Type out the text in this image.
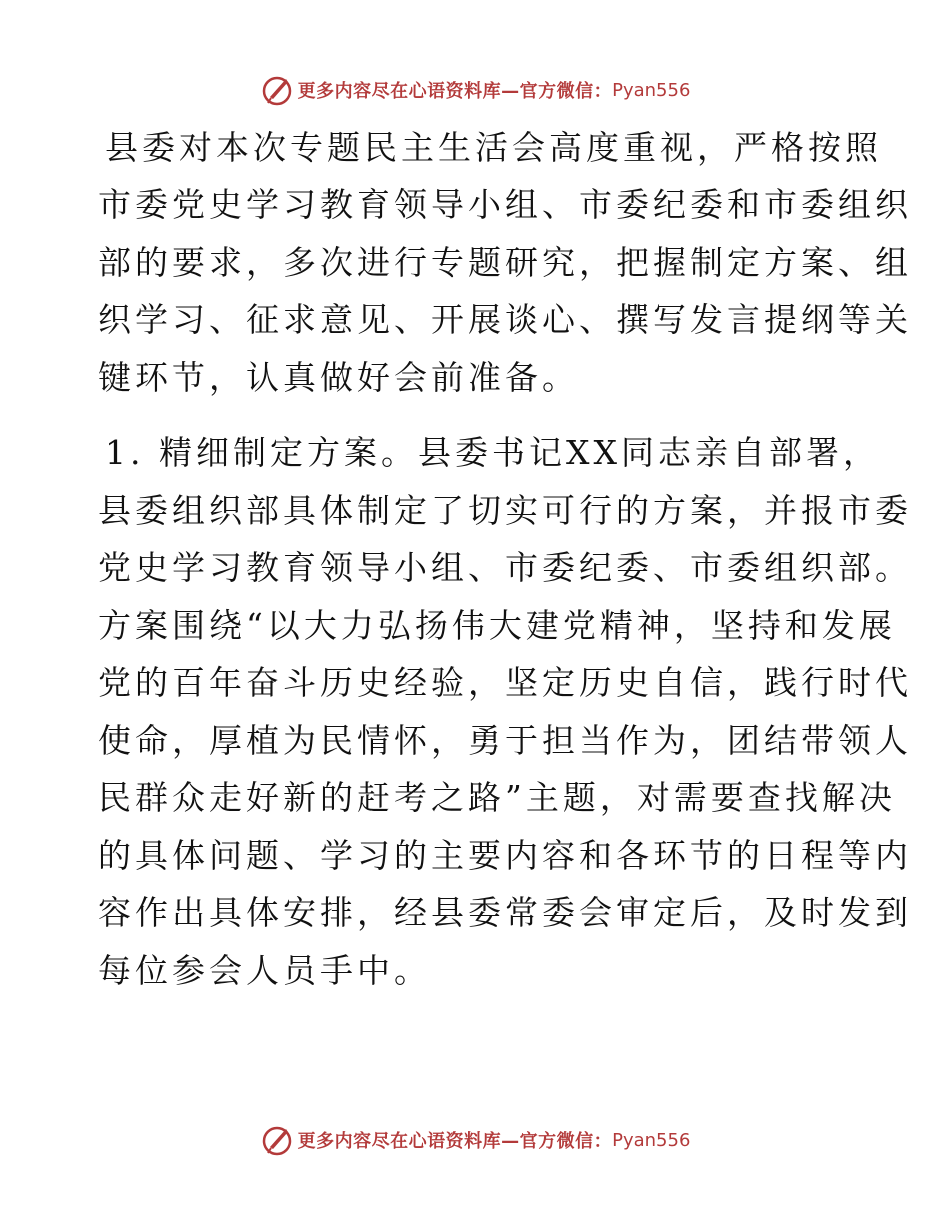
更多内容尽在心语资料库—官方微信： Pyan556
县委对本次专题民主生活会高度重视，严格按照
市委党史学习教育领导小组、市委纪委和市委组织
部的要求，多次进行专题研究，把握制定方案、组
织学习、征求意见、开展谈心、撰写发言提纲等关
键环节，认真做好会前准备。
1. 精细制定方案。县委书记XX同志亲自部署，
县委组织部具体制定了切实可行的方案，并报市委
党史学习教育领导小组、市委纪委、市委组织部。
方案围绕“以大力弘扬伟大建党精神，坚持和发展
党的百年奋斗历史经验，坚定历史自信，践行时代
使命，厚植为民情怀，勇于担当作为，团结带领人
民群众走好新的赶考之路”主题，对需要查找解决
的具体问题、学习的主要内容和各环节的日程等内
容作出具体安排，经县委常委会审定后，及时发到
每位参会人员手中。
更多内容尽在心语资料库—官方微信： Pyan556
